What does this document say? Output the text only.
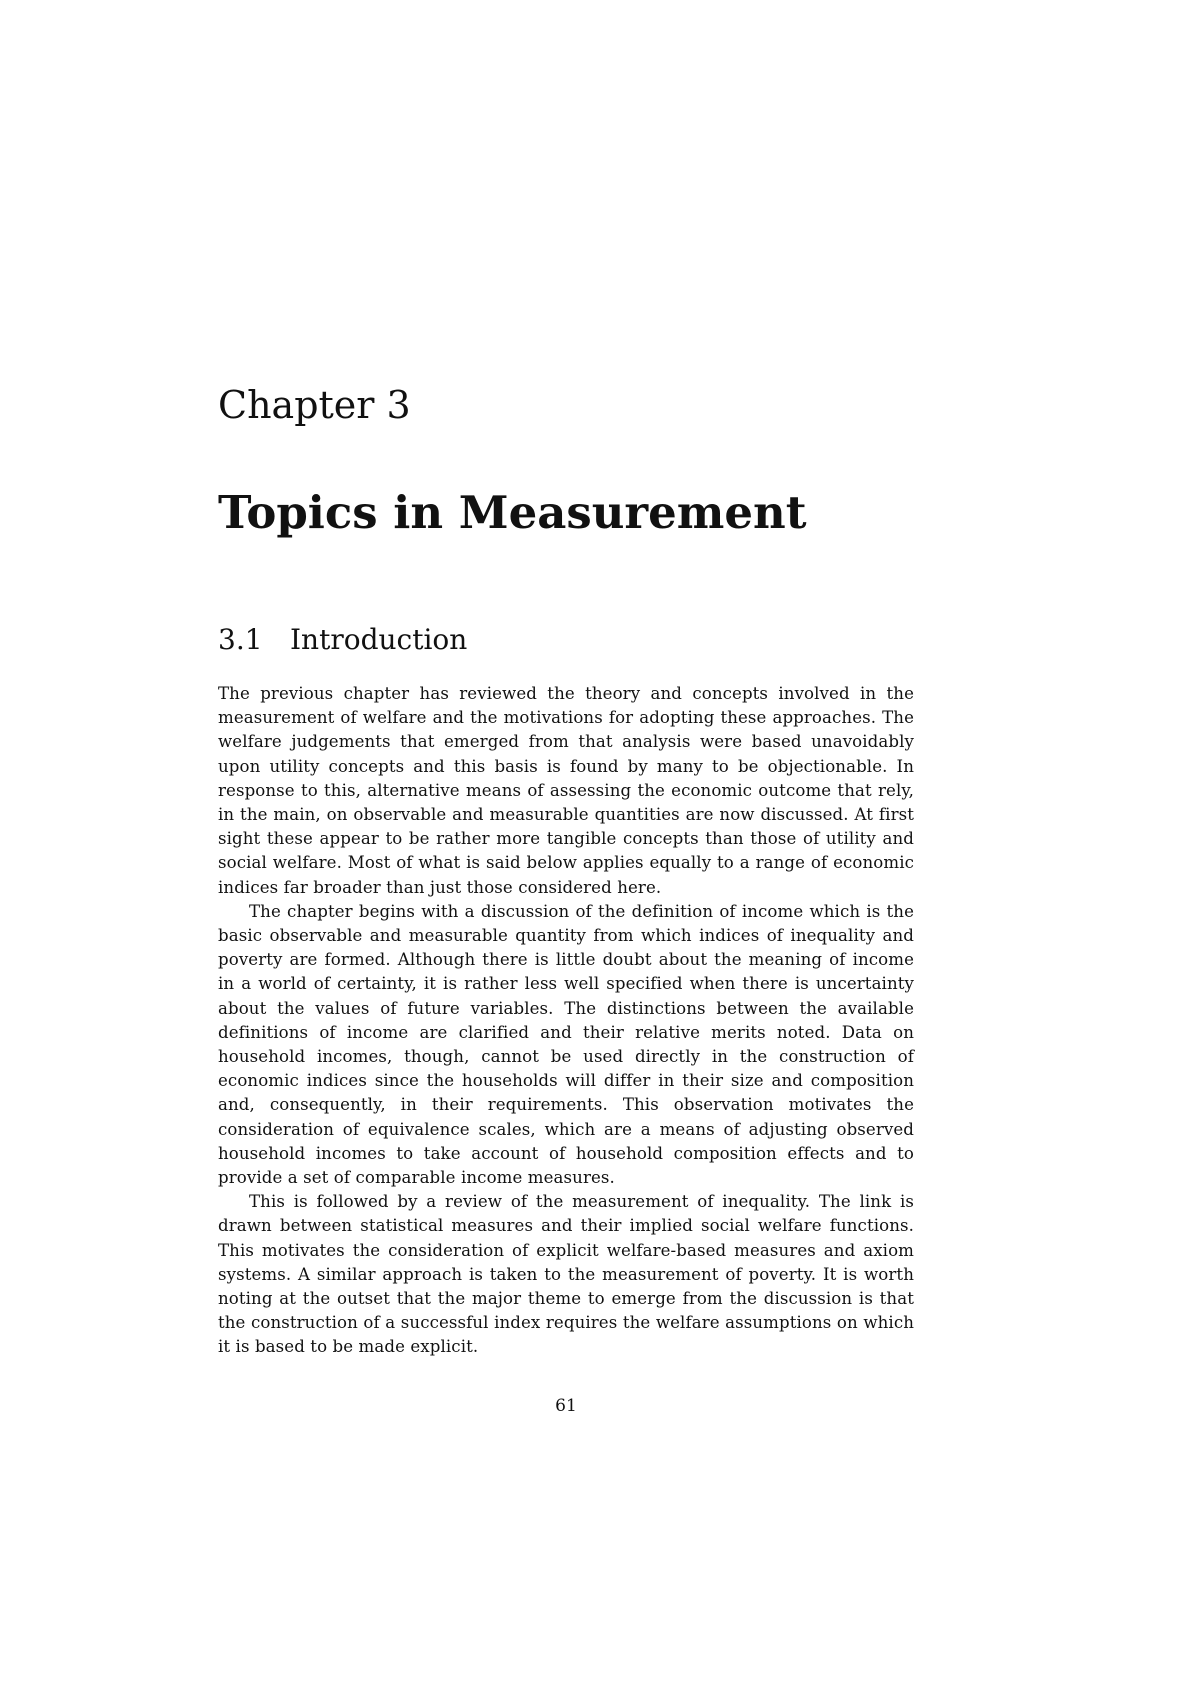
Chapter 3
Topics in Measurement
3.1 Introduction

The previous chapter has reviewed the theory and concepts involved in the measurement of welfare and the motivations for adopting these approaches. The welfare judgements that emerged from that analysis were based unavoidably upon utility concepts and this basis is found by many to be objectionable. In response to this, alternative means of assessing the economic outcome that rely, in the main, on observable and measurable quantities are now discussed. At first sight these appear to be rather more tangible concepts than those of utility and social welfare. Most of what is said below applies equally to a range of economic indices far broader than just those considered here.

The chapter begins with a discussion of the definition of income which is the basic observable and measurable quantity from which indices of inequality and poverty are formed. Although there is little doubt about the meaning of income in a world of certainty, it is rather less well specified when there is uncertainty about the values of future variables. The distinctions between the available definitions of income are clarified and their relative merits noted. Data on household incomes, though, cannot be used directly in the construction of economic indices since the households will differ in their size and composition and, consequently, in their requirements. This observation motivates the consideration of equivalence scales, which are a means of adjusting observed household incomes to take account of household composition effects and to provide a set of comparable income measures.

This is followed by a review of the measurement of inequality. The link is drawn between statistical measures and their implied social welfare functions. This motivates the consideration of explicit welfare-based measures and axiom systems. A similar approach is taken to the measurement of poverty. It is worth noting at the outset that the major theme to emerge from the discussion is that the construction of a successful index requires the welfare assumptions on which it is based to be made explicit.

61
